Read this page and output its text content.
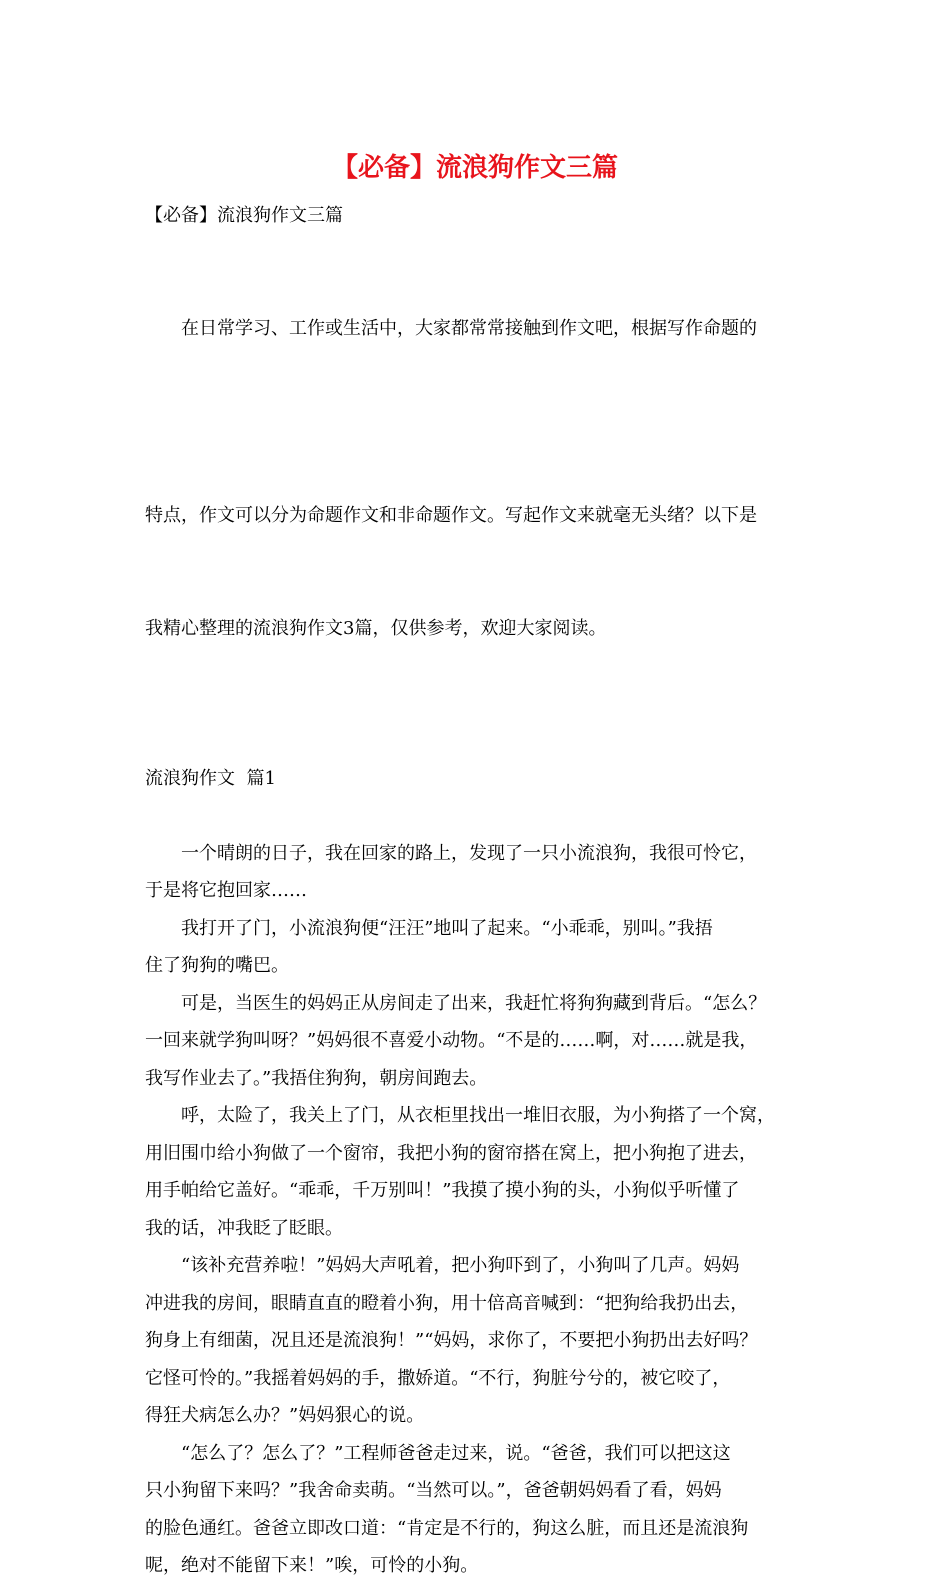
【必备】流浪狗作文三篇

【必备】流浪狗作文三篇

在日常学习、工作或生活中，大家都常常接触到作文吧，根据写作命题的

特点，作文可以分为命题作文和非命题作文。写起作文来就毫无头绪？以下是

我精心整理的流浪狗作文3篇，仅供参考，欢迎大家阅读。

流浪狗作文  篇1

一个晴朗的日子，我在回家的路上，发现了一只小流浪狗，我很可怜它，

于是将它抱回家……

我打开了门，小流浪狗便“汪汪”地叫了起来。“小乖乖，别叫。”我捂

住了狗狗的嘴巴。

可是，当医生的妈妈正从房间走了出来，我赶忙将狗狗藏到背后。“怎么？

一回来就学狗叫呀？”妈妈很不喜爱小动物。“不是的……啊，对……就是我，

我写作业去了。”我捂住狗狗，朝房间跑去。

呼，太险了，我关上了门，从衣柜里找出一堆旧衣服，为小狗搭了一个窝，

用旧围巾给小狗做了一个窗帘，我把小狗的窗帘搭在窝上，把小狗抱了进去，

用手帕给它盖好。“乖乖，千万别叫！”我摸了摸小狗的头，小狗似乎听懂了

我的话，冲我眨了眨眼。

“该补充营养啦！”妈妈大声吼着，把小狗吓到了，小狗叫了几声。妈妈

冲进我的房间，眼睛直直的瞪着小狗，用十倍高音喊到：“把狗给我扔出去，

狗身上有细菌，况且还是流浪狗！”“妈妈，求你了，不要把小狗扔出去好吗？

它怪可怜的。”我摇着妈妈的手，撒娇道。“不行，狗脏兮兮的，被它咬了，

得狂犬病怎么办？”妈妈狠心的说。

“怎么了？怎么了？”工程师爸爸走过来，说。“爸爸，我们可以把这这

只小狗留下来吗？”我舍命卖萌。“当然可以。”，爸爸朝妈妈看了看，妈妈

的脸色通红。爸爸立即改口道：“肯定是不行的，狗这么脏，而且还是流浪狗

呢，绝对不能留下来！”唉，可怜的小狗。
